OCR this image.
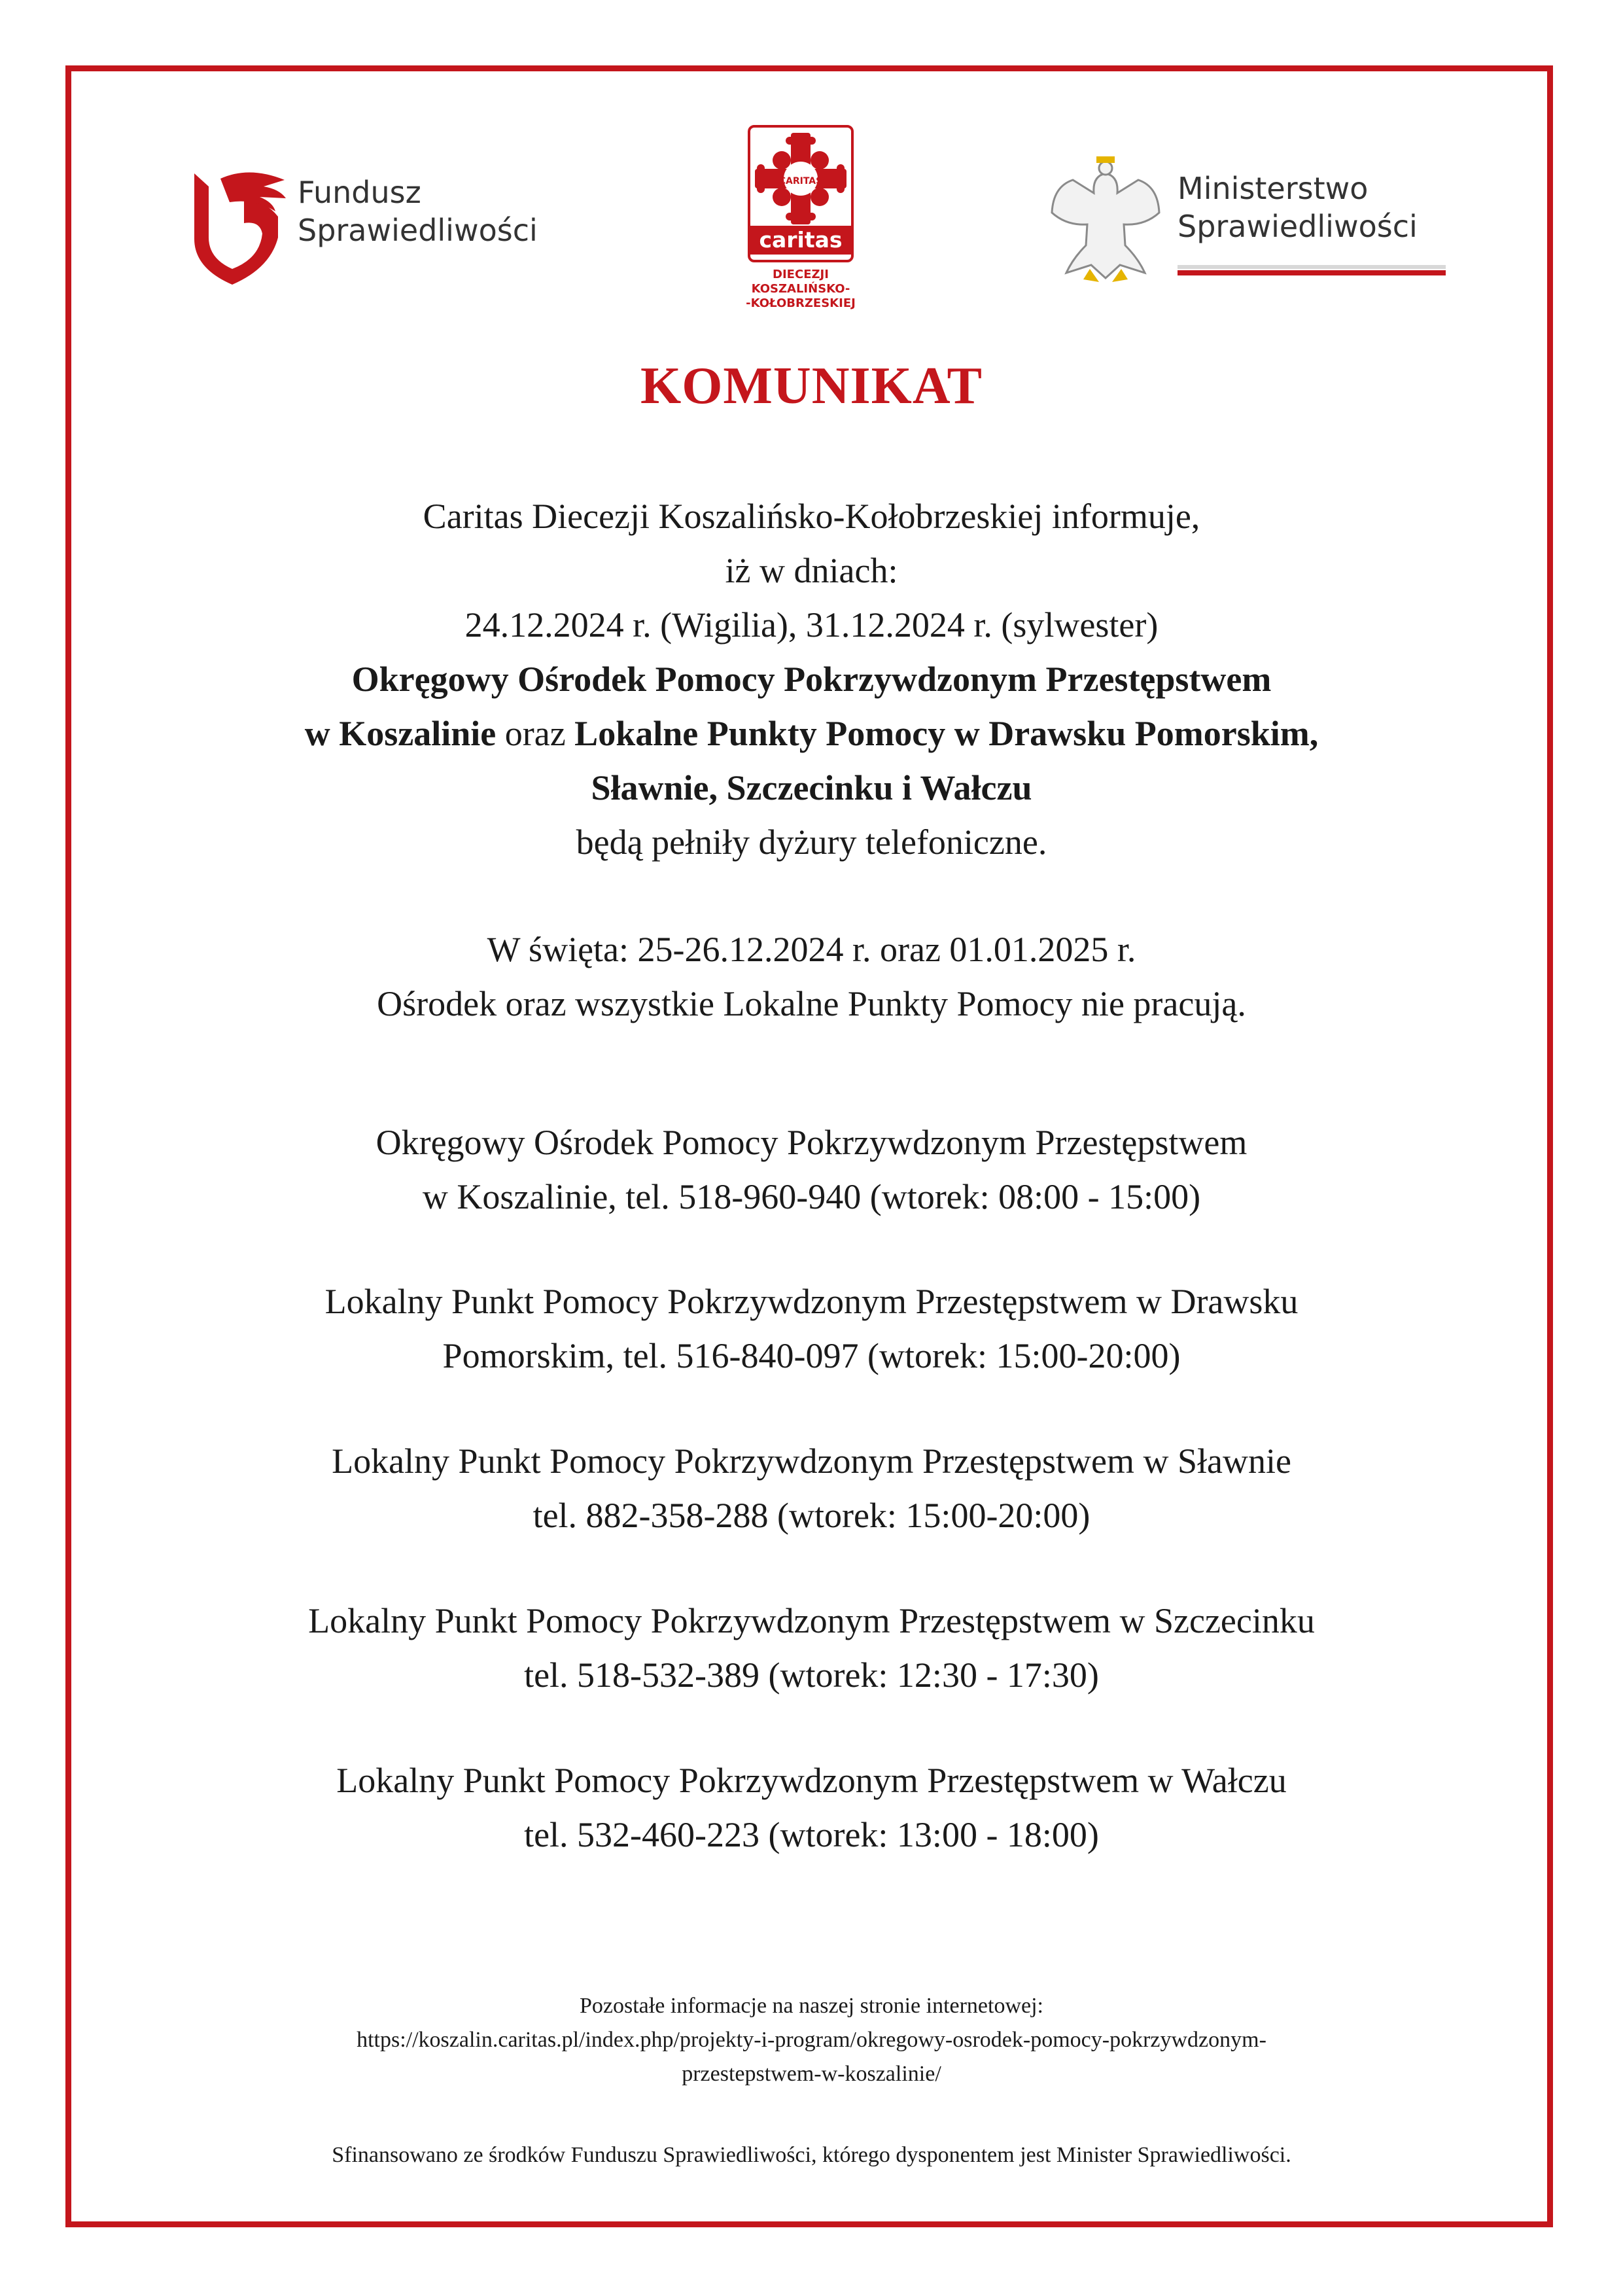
Fundusz
Sprawiedliwości
CARITAS
caritas
DIECEZJI
KOSZALIŃSKO-
-KOŁOBRZESKIEJ
Ministerstwo
Sprawiedliwości
KOMUNIKAT

Caritas Diecezji Koszalińsko-Kołobrzeskiej informuje,

iż w dniach:

24.12.2024 r. (Wigilia), 31.12.2024 r. (sylwester)

Okręgowy Ośrodek Pomocy Pokrzywdzonym Przestępstwem

w Koszalinie oraz Lokalne Punkty Pomocy w Drawsku Pomorskim,

Sławnie, Szczecinku i Wałczu

będą pełniły dyżury telefoniczne.

W święta: 25-26.12.2024 r. oraz 01.01.2025 r.

Ośrodek oraz wszystkie Lokalne Punkty Pomocy nie pracują.

Okręgowy Ośrodek Pomocy Pokrzywdzonym Przestępstwem

w Koszalinie, tel. 518-960-940 (wtorek: 08:00 - 15:00)

Lokalny Punkt Pomocy Pokrzywdzonym Przestępstwem w Drawsku

Pomorskim, tel. 516-840-097 (wtorek: 15:00-20:00)

Lokalny Punkt Pomocy Pokrzywdzonym Przestępstwem w Sławnie

tel. 882-358-288 (wtorek: 15:00-20:00)

Lokalny Punkt Pomocy Pokrzywdzonym Przestępstwem w Szczecinku

tel. 518-532-389 (wtorek: 12:30 - 17:30)

Lokalny Punkt Pomocy Pokrzywdzonym Przestępstwem w Wałczu

tel. 532-460-223 (wtorek: 13:00 - 18:00)

Pozostałe informacje na naszej stronie internetowej:

https://koszalin.caritas.pl/index.php/projekty-i-program/okregowy-osrodek-pomocy-pokrzywdzonym-

przestepstwem-w-koszalinie/

Sfinansowano ze środków Funduszu Sprawiedliwości, którego dysponentem jest Minister Sprawiedliwości.
